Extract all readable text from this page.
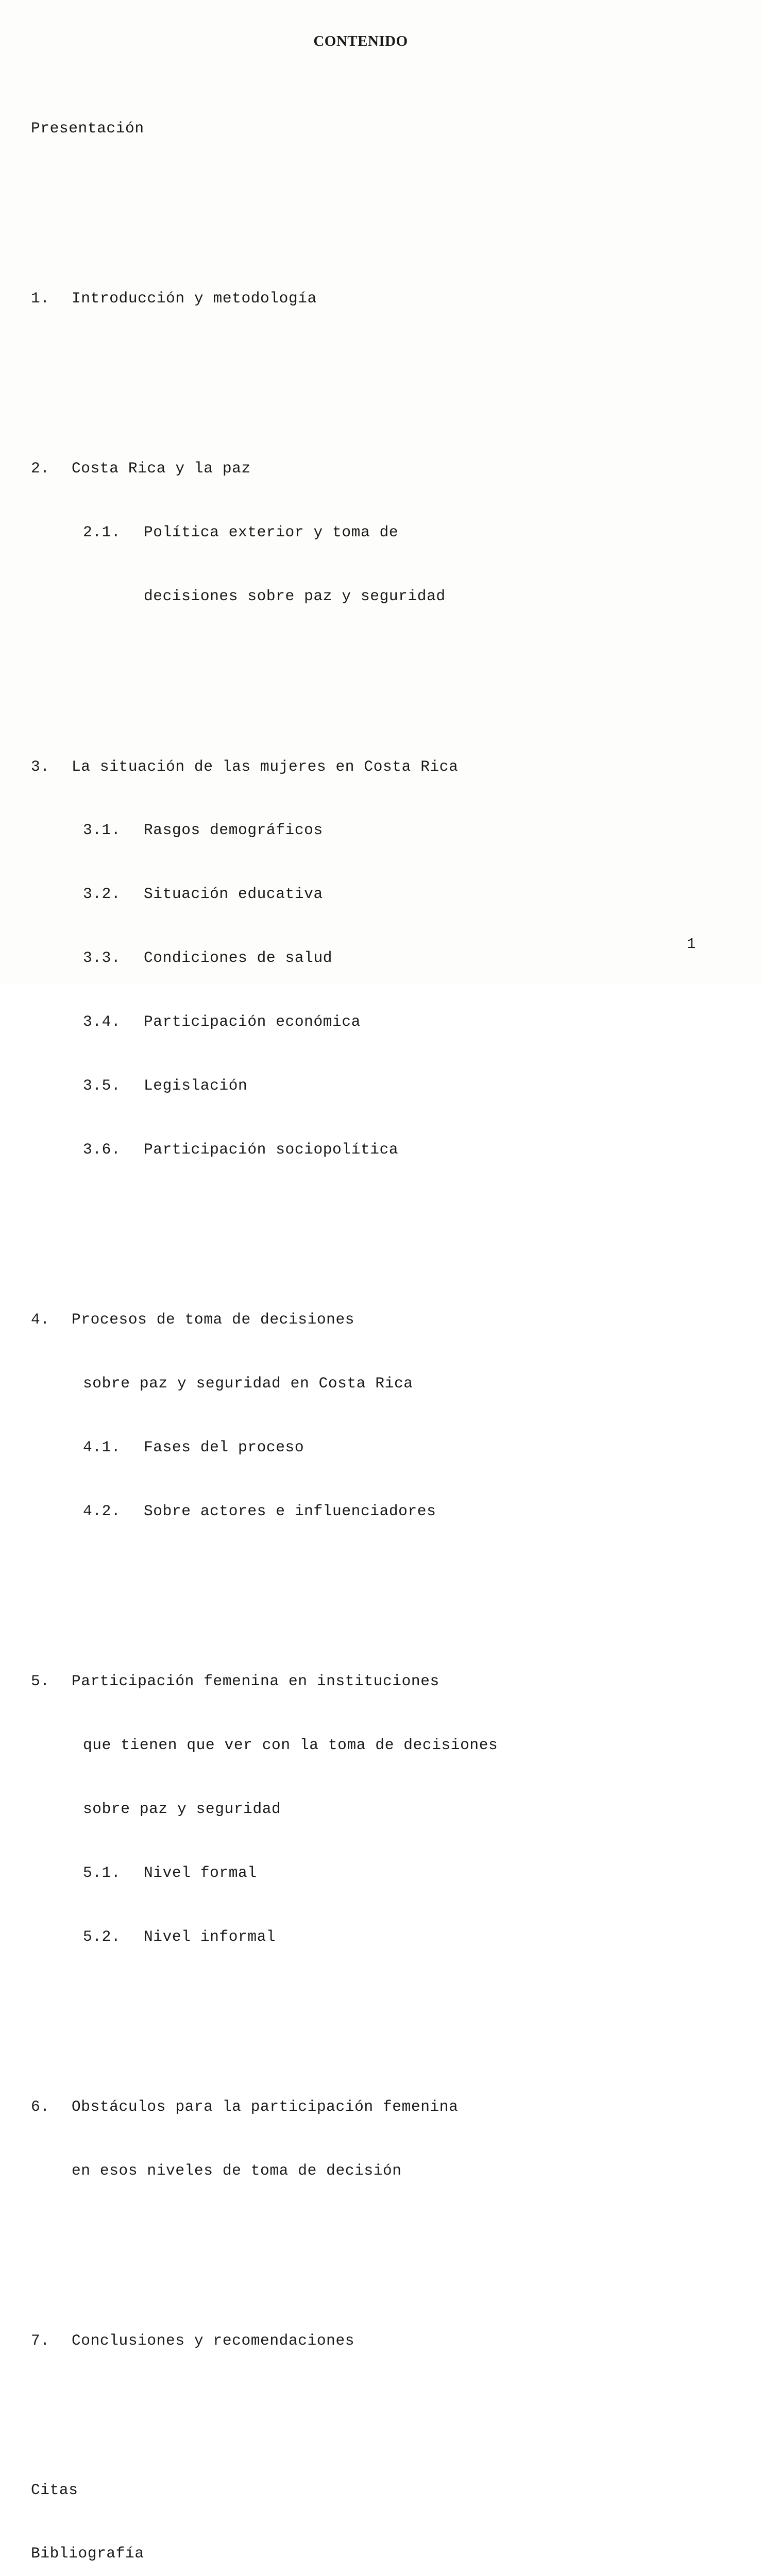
CONTENIDO

Presentación

1. Introducción y metodología

2. Costa Rica y la paz

2.1. Política exterior y toma de

decisiones sobre paz y seguridad

3. La situación de las mujeres en Costa Rica

3.1. Rasgos demográficos

3.2. Situación educativa

3.3. Condiciones de salud

3.4. Participación económica

3.5. Legislación

3.6. Participación sociopolítica

4. Procesos de toma de decisiones

sobre paz y seguridad en Costa Rica

4.1. Fases del proceso

4.2. Sobre actores e influenciadores

5. Participación femenina en instituciones

que tienen que ver con la toma de decisiones

sobre paz y seguridad

5.1. Nivel formal

5.2. Nivel informal

6. Obstáculos para la participación femenina

en esos niveles de toma de decisión

7. Conclusiones y recomendaciones

Citas

Bibliografía

1
